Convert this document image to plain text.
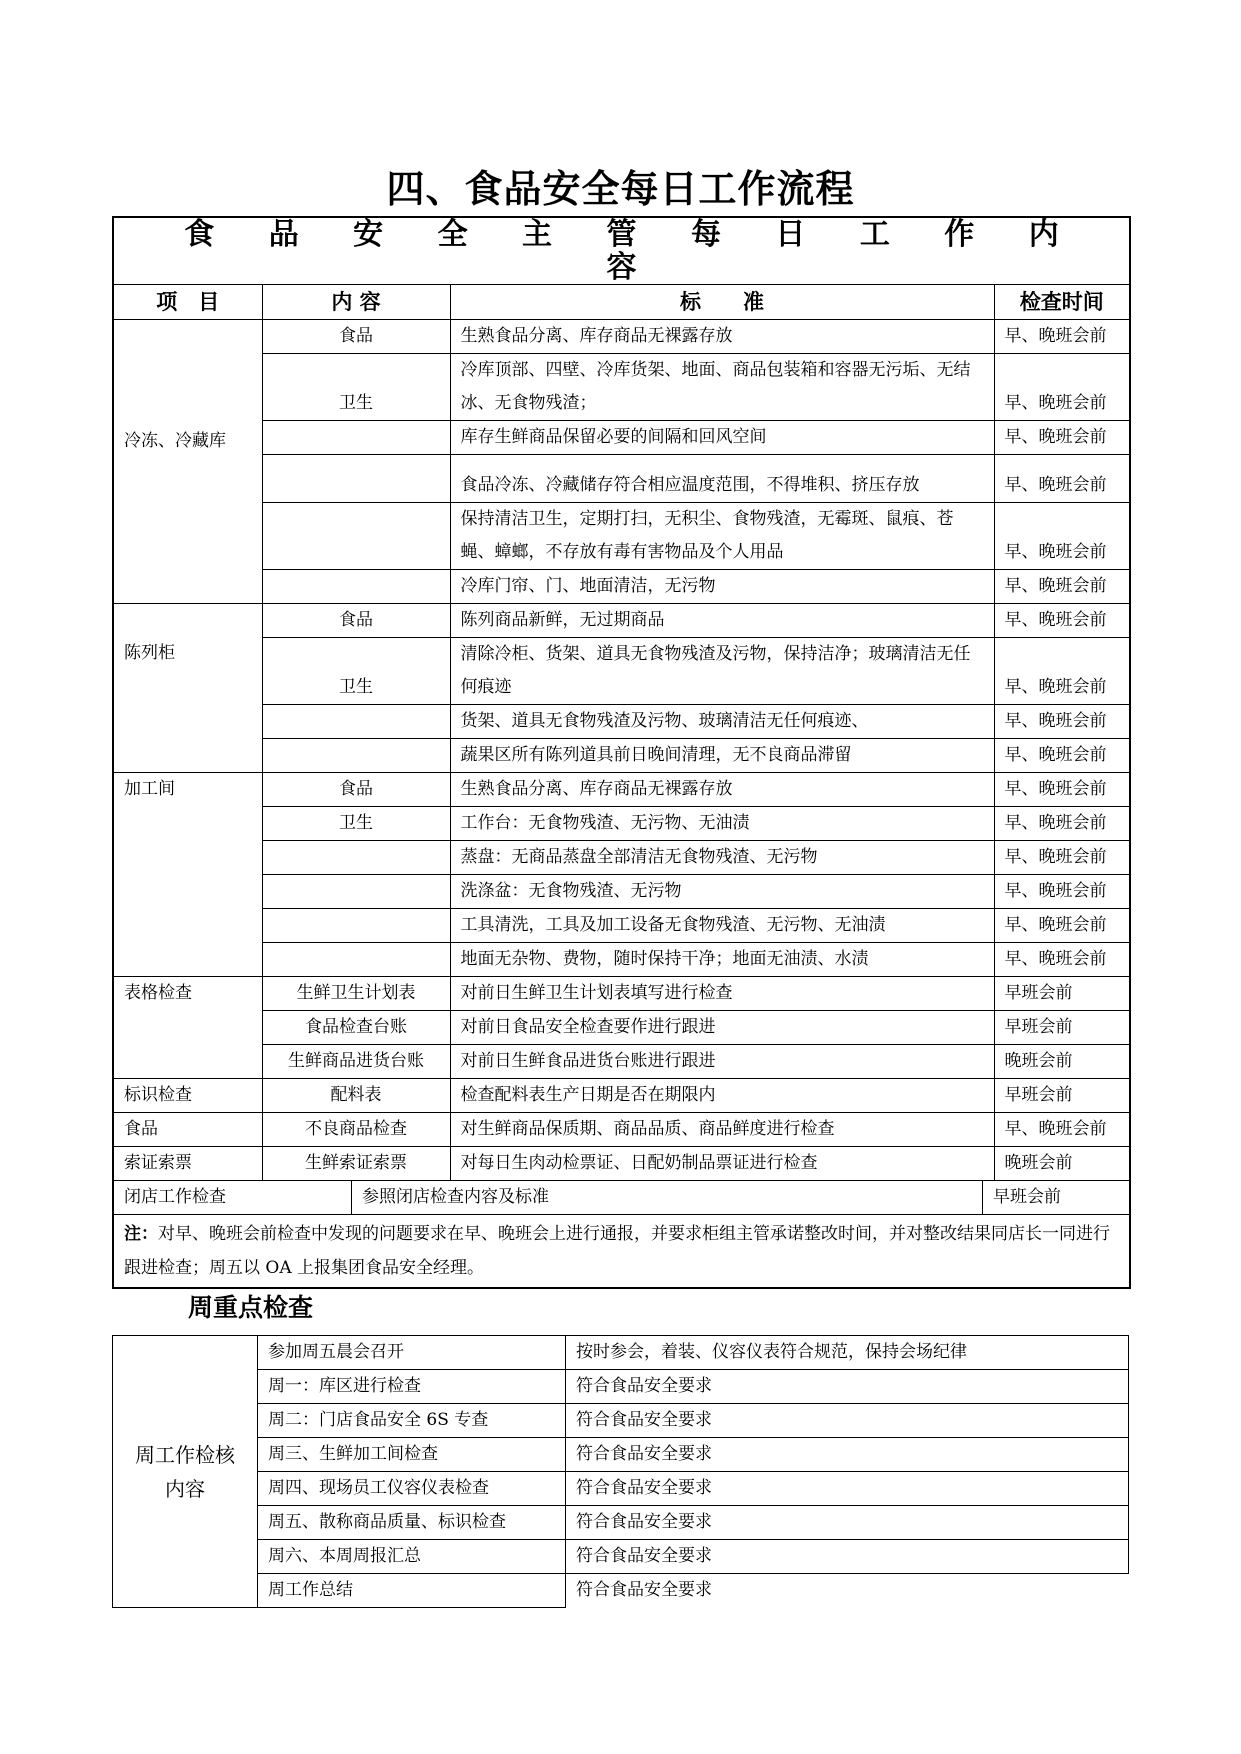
四、食品安全每日工作流程
食 品 安 全 主 管 每 日 工 作 内 容			
项　目	内 容	标　　准	检查时间
冷冻、冷藏库	食品	生熟食品分离、库存商品无裸露存放	早、晚班会前
	卫生	冷库顶部、四壁、冷库货架、地面、商品包装箱和容器无污垢、无结冰、无食物残渣；	早、晚班会前
		库存生鲜商品保留必要的间隔和回风空间	早、晚班会前
		食品冷冻、冷藏储存符合相应温度范围，不得堆积、挤压存放	早、晚班会前
		保持清洁卫生，定期打扫，无积尘、食物残渣，无霉斑、鼠痕、苍蝇、蟑螂，不存放有毒有害物品及个人用品	早、晚班会前
		冷库门帘、门、地面清洁，无污物	早、晚班会前
陈列柜	食品	陈列商品新鲜，无过期商品	早、晚班会前
	卫生	清除冷柜、货架、道具无食物残渣及污物，保持洁净；玻璃清洁无任何痕迹	早、晚班会前
		货架、道具无食物残渣及污物、玻璃清洁无任何痕迹、	早、晚班会前
		蔬果区所有陈列道具前日晚间清理，无不良商品滞留	早、晚班会前
加工间	食品	生熟食品分离、库存商品无裸露存放	早、晚班会前
	卫生	工作台：无食物残渣、无污物、无油渍	早、晚班会前
		蒸盘：无商品蒸盘全部清洁无食物残渣、无污物	早、晚班会前
		洗涤盆：无食物残渣、无污物	早、晚班会前
		工具清洗，工具及加工设备无食物残渣、无污物、无油渍	早、晚班会前
		地面无杂物、费物，随时保持干净；地面无油渍、水渍	早、晚班会前
表格检查	生鲜卫生计划表	对前日生鲜卫生计划表填写进行检查	早班会前
	食品检查台账	对前日食品安全检查要作进行跟进	早班会前
	生鲜商品进货台账	对前日生鲜食品进货台账进行跟进	晚班会前
标识检查	配料表	检查配料表生产日期是否在期限内	早班会前
食品	不良商品检查	对生鲜商品保质期、商品品质、商品鲜度进行检查	早、晚班会前
索证索票	生鲜索证索票	对每日生肉动检票证、日配奶制品票证进行检查	晚班会前

闭店工作检查 参照闭店检查内容及标准 早班会前			

注：对早、晚班会前检查中发现的问题要求在早、晚班会上进行通报，并要求柜组主管承诺整改时间，并对整改结果同店长一同进行跟进检查；周五以 OA 上报集团食品安全经理。			
周重点检查
周工作检核内容	参加周五晨会召开	按时参会，着装、仪容仪表符合规范，保持会场纪律
	周一：库区进行检查	符合食品安全要求
	周二：门店食品安全 6S 专查	符合食品安全要求
	周三、生鲜加工间检查	符合食品安全要求
	周四、现场员工仪容仪表检查	符合食品安全要求
	周五、散称商品质量、标识检查	符合食品安全要求
	周六、本周周报汇总	符合食品安全要求
	周工作总结	符合食品安全要求
